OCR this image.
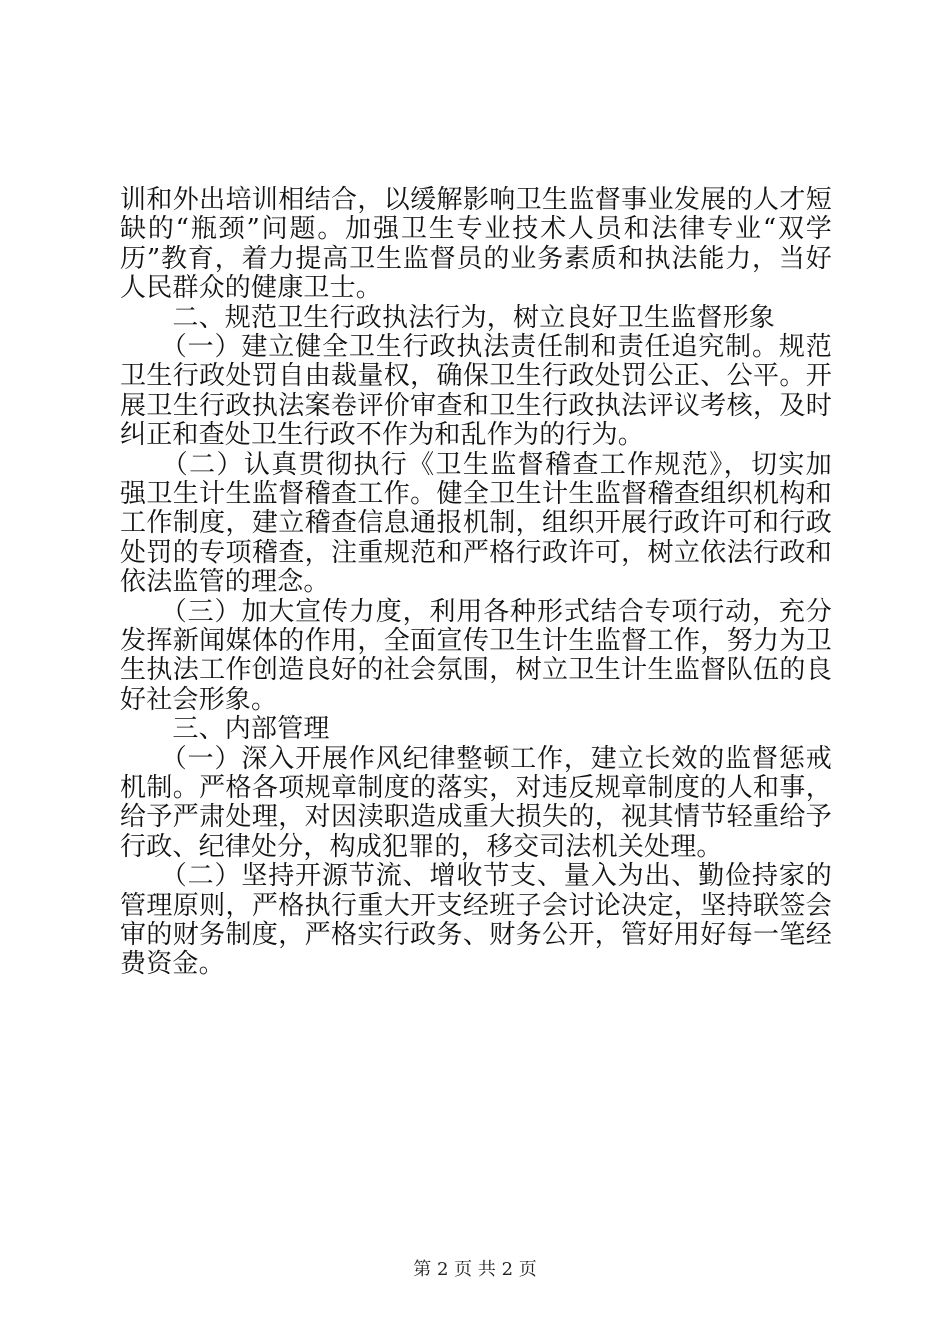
训和外出培训相结合，以缓解影响卫生监督事业发展的人才短
缺的“瓶颈”问题。加强卫生专业技术人员和法律专业“双学
历”教育，着力提高卫生监督员的业务素质和执法能力，当好
人民群众的健康卫士。
　　二、规范卫生行政执法行为，树立良好卫生监督形象
　　（一）建立健全卫生行政执法责任制和责任追究制。规范
卫生行政处罚自由裁量权，确保卫生行政处罚公正、公平。开
展卫生行政执法案卷评价审查和卫生行政执法评议考核，及时
纠正和查处卫生行政不作为和乱作为的行为。
　　（二）认真贯彻执行《卫生监督稽查工作规范》，切实加
强卫生计生监督稽查工作。健全卫生计生监督稽查组织机构和
工作制度，建立稽查信息通报机制，组织开展行政许可和行政
处罚的专项稽查，注重规范和严格行政许可，树立依法行政和
依法监管的理念。
　　（三）加大宣传力度，利用各种形式结合专项行动，充分
发挥新闻媒体的作用，全面宣传卫生计生监督工作，努力为卫
生执法工作创造良好的社会氛围，树立卫生计生监督队伍的良
好社会形象。
　　三、内部管理
　　（一）深入开展作风纪律整顿工作，建立长效的监督惩戒
机制。严格各项规章制度的落实，对违反规章制度的人和事，
给予严肃处理，对因渎职造成重大损失的，视其情节轻重给予
行政、纪律处分，构成犯罪的，移交司法机关处理。
　　（二）坚持开源节流、增收节支、量入为出、勤俭持家的
管理原则，严格执行重大开支经班子会讨论决定，坚持联签会
审的财务制度，严格实行政务、财务公开，管好用好每一笔经
费资金。
第 2 页 共 2 页
